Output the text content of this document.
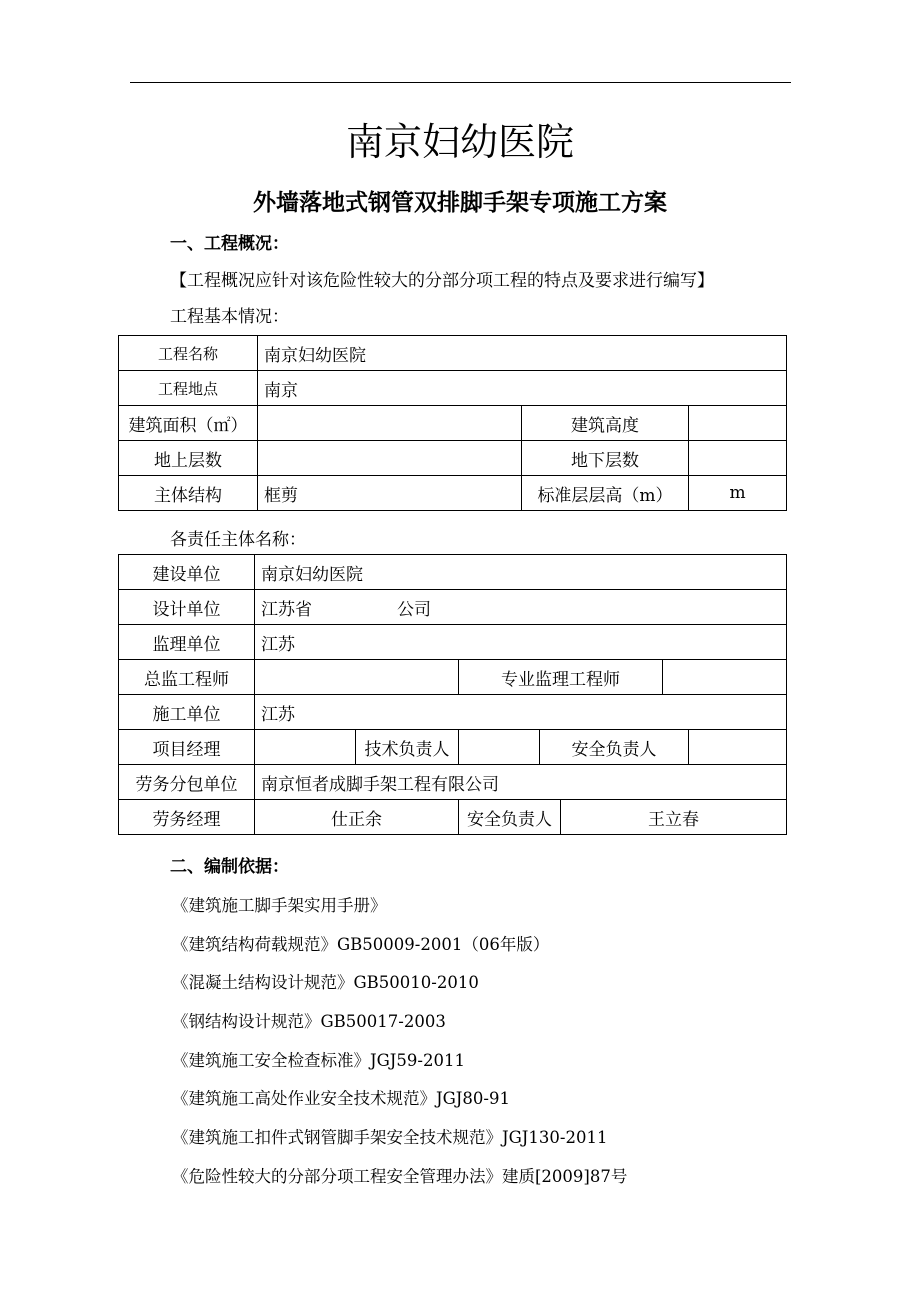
南京妇幼医院
外墙落地式钢管双排脚手架专项施工方案
一、工程概况：
【工程概况应针对该危险性较大的分部分项工程的特点及要求进行编写】
工程基本情况：
工程名称	南京妇幼医院		
工程地点	南京		
建筑面积（㎡）		建筑高度	
地上层数		地下层数	
主体结构	框剪	标准层层高（m）	m
各责任主体名称：
建设单位	南京妇幼医院						
设计单位	江苏省　　　　　公司						
监理单位	江苏						
总监工程师			专业监理工程师				
施工单位	江苏						
项目经理		技术负责人		安全负责人			
劳务分包单位	南京恒者成脚手架工程有限公司						
劳务经理	仕正余		安全负责人		王立春		
二、编制依据：
《建筑施工脚手架实用手册》
《建筑结构荷载规范》GB50009-2001（06年版）
《混凝土结构设计规范》GB50010-2010
《钢结构设计规范》GB50017-2003
《建筑施工安全检查标准》JGJ59-2011
《建筑施工高处作业安全技术规范》JGJ80-91
《建筑施工扣件式钢管脚手架安全技术规范》JGJ130-2011
《危险性较大的分部分项工程安全管理办法》建质[2009]87号
